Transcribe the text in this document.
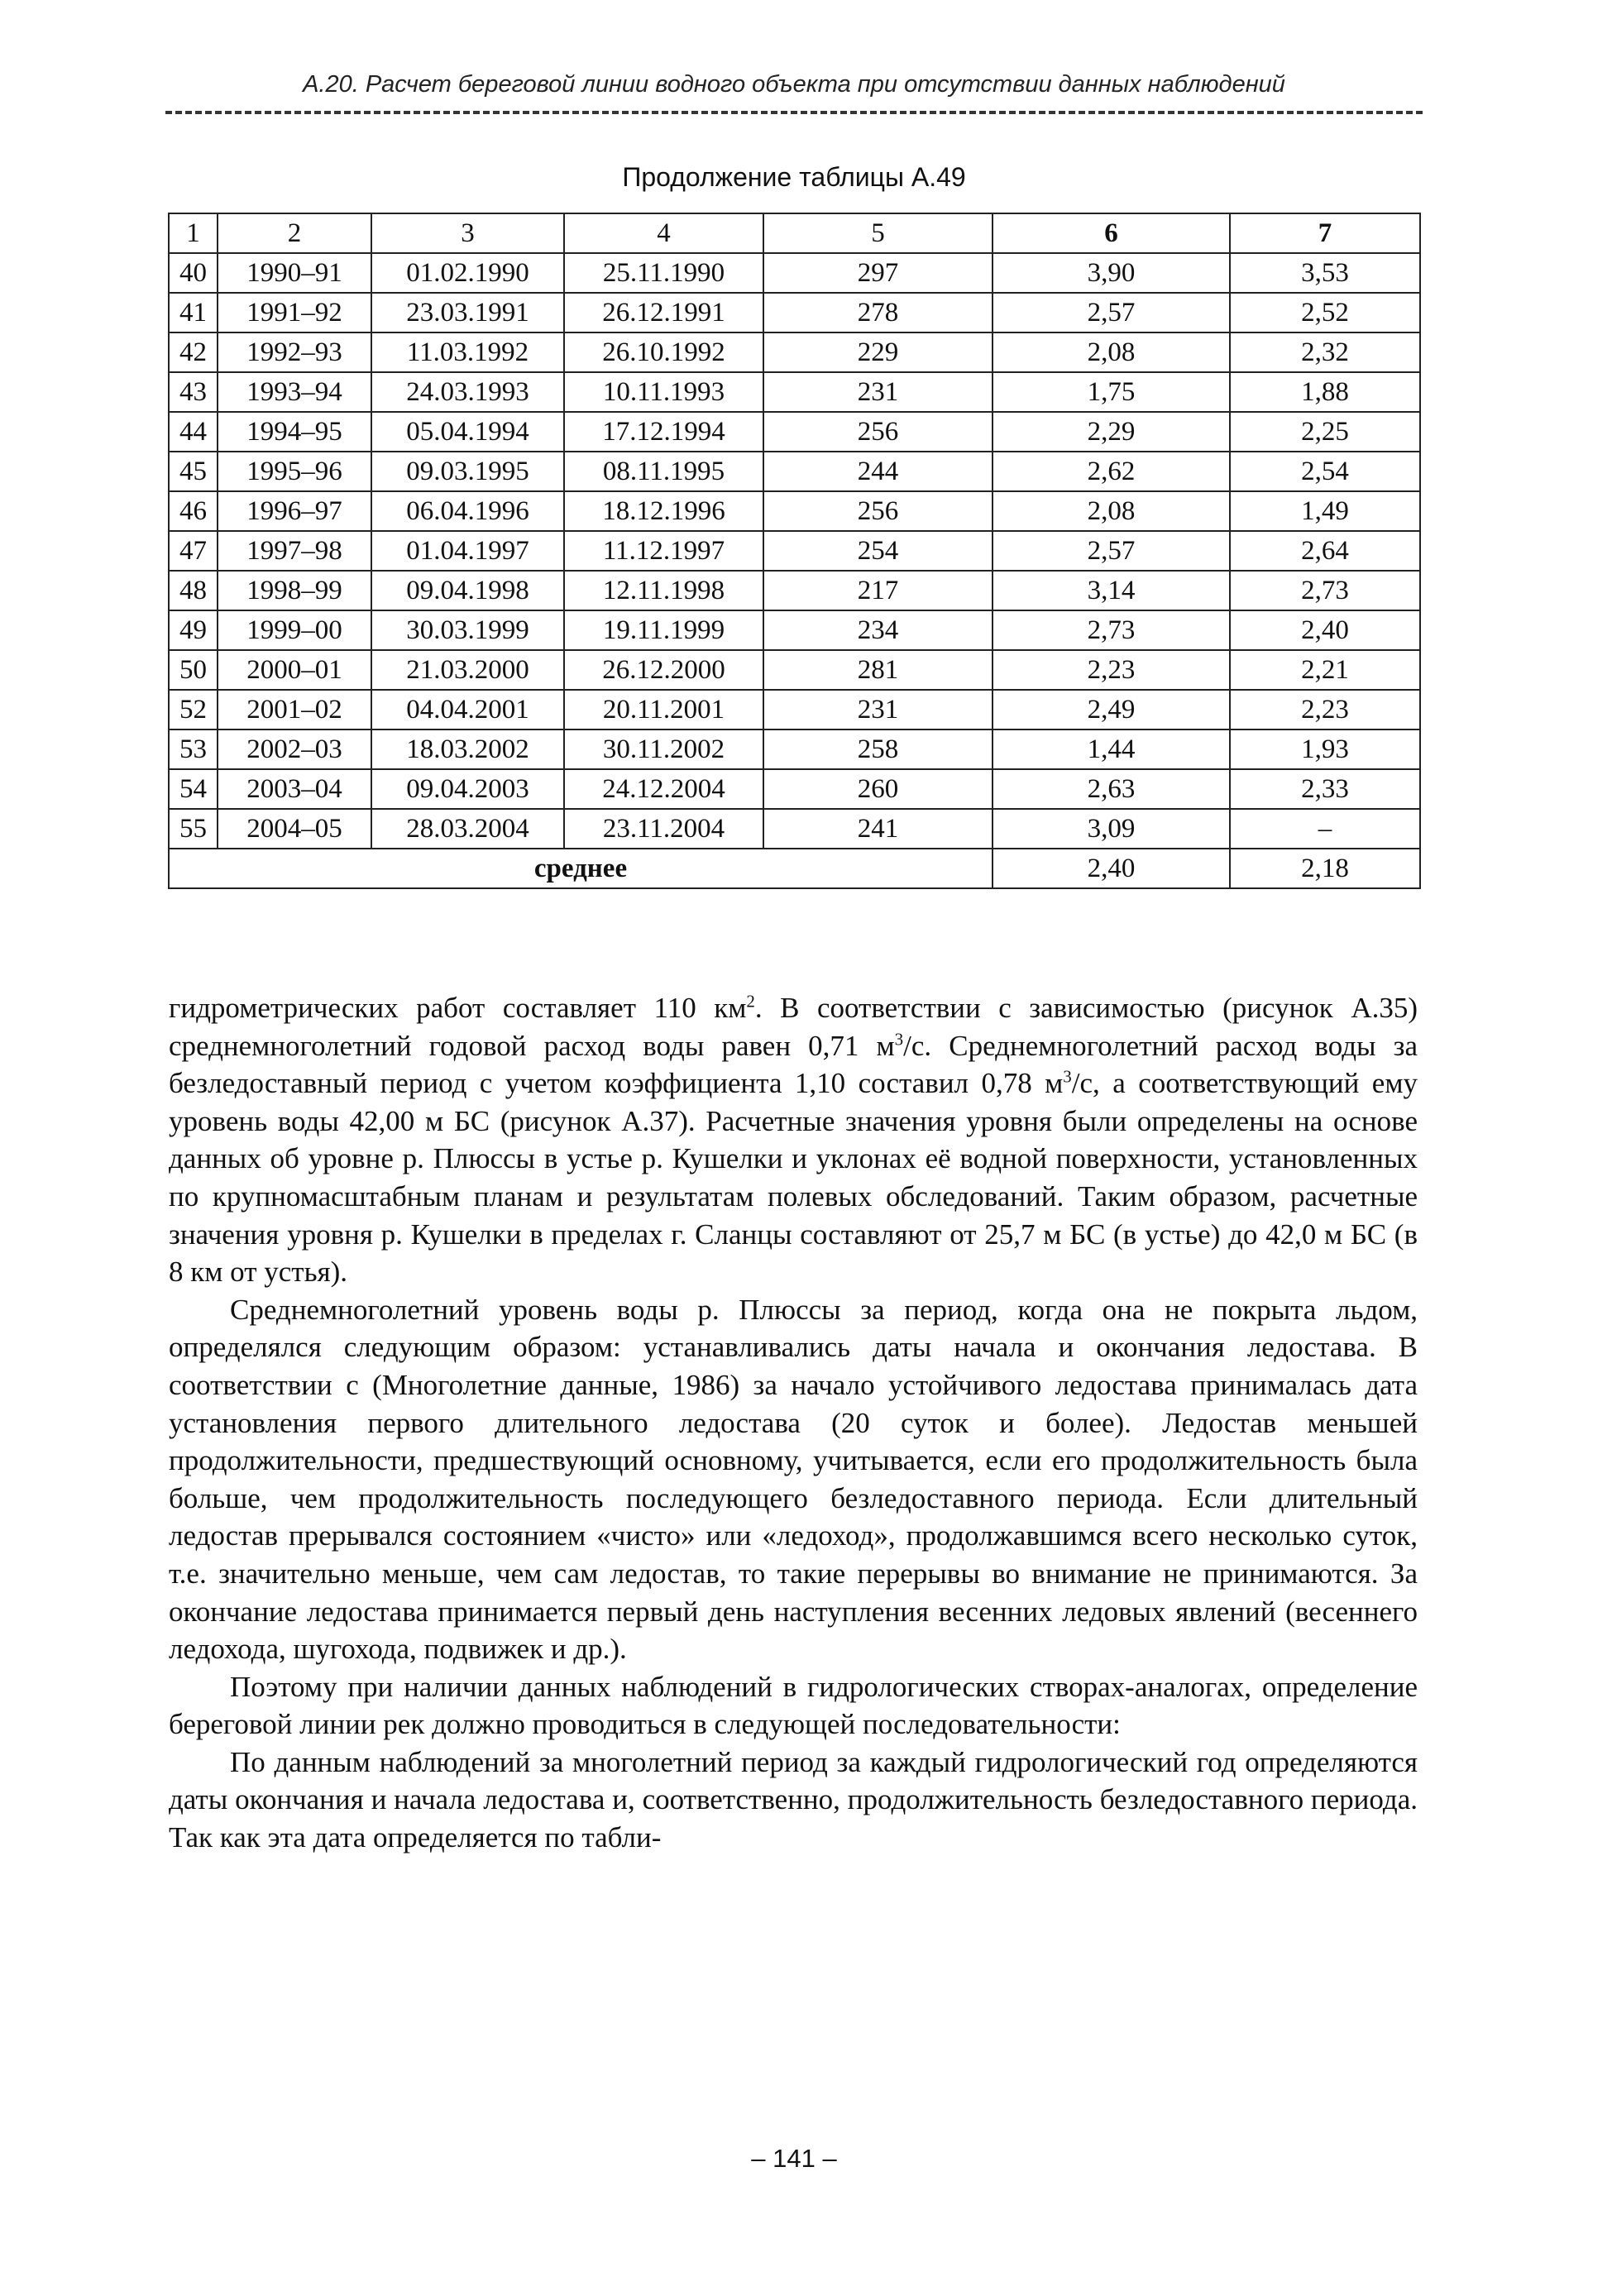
А.20. Расчет береговой линии водного объекта при отсутствии данных наблюдений
Продолжение таблицы А.49
1	2	3	4	5	6	7
40	1990–91	01.02.1990	25.11.1990	297	3,90	3,53
41	1991–92	23.03.1991	26.12.1991	278	2,57	2,52
42	1992–93	11.03.1992	26.10.1992	229	2,08	2,32
43	1993–94	24.03.1993	10.11.1993	231	1,75	1,88
44	1994–95	05.04.1994	17.12.1994	256	2,29	2,25
45	1995–96	09.03.1995	08.11.1995	244	2,62	2,54
46	1996–97	06.04.1996	18.12.1996	256	2,08	1,49
47	1997–98	01.04.1997	11.12.1997	254	2,57	2,64
48	1998–99	09.04.1998	12.11.1998	217	3,14	2,73
49	1999–00	30.03.1999	19.11.1999	234	2,73	2,40
50	2000–01	21.03.2000	26.12.2000	281	2,23	2,21
52	2001–02	04.04.2001	20.11.2001	231	2,49	2,23
53	2002–03	18.03.2002	30.11.2002	258	1,44	1,93
54	2003–04	09.04.2003	24.12.2004	260	2,63	2,33
55	2004–05	28.03.2004	23.11.2004	241	3,09	–
среднее					2,40	2,18

гидрометрических работ составляет 110 $км^2$. В соответствии с зависимостью (рисунок А.35) среднемноголетний годовой расход воды равен 0,71 $м^3/с$. Среднемноголетний расход воды за безледоставный период с учетом коэффициента 1,10 составил 0,78 $м^3/с$, а соответствующий ему уровень воды 42,00 м БС (рисунок А.37). Расчетные значения уровня были определены на основе данных об уровне р. Плюссы в устье р. Кушелки и уклонах её водной поверхности, установленных по крупномасштабным планам и результатам полевых обследований. Таким образом, расчетные значения уровня р. Кушелки в пределах г. Сланцы составляют от 25,7 м БС (в устье) до 42,0 м БС (в 8 км от устья).

Среднемноголетний уровень воды р. Плюссы за период, когда она не покрыта льдом, определялся следующим образом: устанавливались даты начала и окончания ледостава. В соответствии с (Многолетние данные, 1986) за начало устойчивого ледостава принималась дата установления первого длительного ледостава (20 суток и более). Ледостав меньшей продолжительности, предшествующий основному, учитывается, если его продолжительность была больше, чем продолжительность последующего безледоставного периода. Если длительный ледостав прерывался состоянием «чисто» или «ледоход», продолжавшимся всего несколько суток, т.е. значительно меньше, чем сам ледостав, то такие перерывы во внимание не принимаются. За окончание ледостава принимается первый день наступления весенних ледовых явлений (весеннего ледохода, шугохода, подвижек и др.).

Поэтому при наличии данных наблюдений в гидрологических створах-аналогах, определение береговой линии рек должно проводиться в следующей последовательности:

По данным наблюдений за многолетний период за каждый гидрологический год определяются даты окончания и начала ледостава и, соответственно, продолжительность безледоставного периода. Так как эта дата определяется по табли-

– 141 –
